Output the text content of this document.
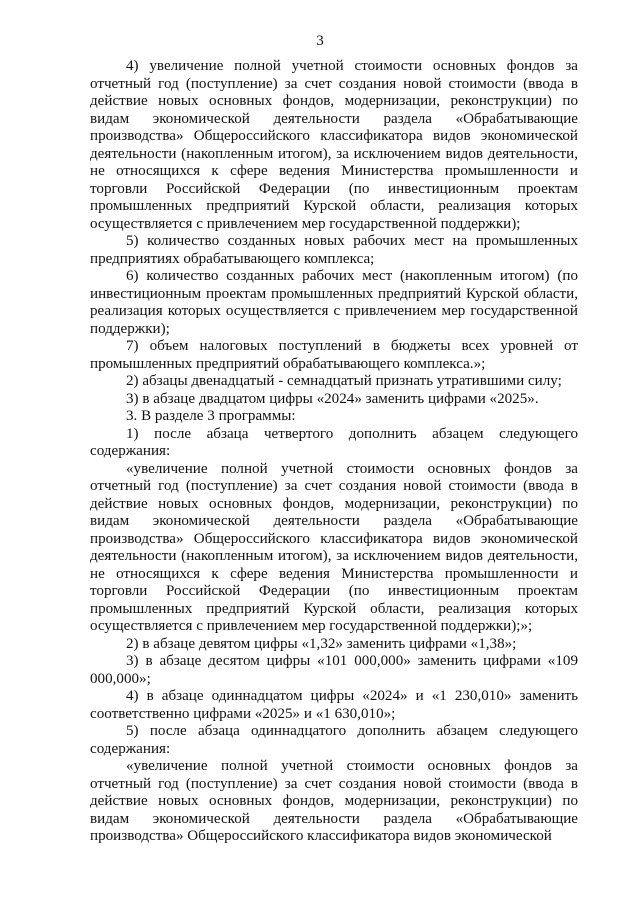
3

4) увеличение полной учетной стоимости основных фондов за отчетный год (поступление) за счет создания новой стоимости (ввода в действие новых основных фондов, модернизации, реконструкции) по видам экономической деятельности раздела «Обрабатывающие производства» Общероссийского классификатора видов экономической деятельности (накопленным итогом), за исключением видов деятельности, не относящихся к сфере ведения Министерства промышленности и торговли Российской Федерации (по инвестиционным проектам промышленных предприятий Курской области, реализация которых осуществляется с привлечением мер государственной поддержки);

5) количество созданных новых рабочих мест на промышленных предприятиях обрабатывающего комплекса;

6) количество созданных рабочих мест (накопленным итогом) (по инвестиционным проектам промышленных предприятий Курской области, реализация которых осуществляется с привлечением мер государственной поддержки);

7) объем налоговых поступлений в бюджеты всех уровней от промышленных предприятий обрабатывающего комплекса.»;

2) абзацы двенадцатый - семнадцатый признать утратившими силу;

3) в абзаце двадцатом цифры «2024» заменить цифрами «2025».

3. В разделе 3 программы:

1) после абзаца четвертого дополнить абзацем следующего содержания:

«увеличение полной учетной стоимости основных фондов за отчетный год (поступление) за счет создания новой стоимости (ввода в действие новых основных фондов, модернизации, реконструкции) по видам экономической деятельности раздела «Обрабатывающие производства» Общероссийского классификатора видов экономической деятельности (накопленным итогом), за исключением видов деятельности, не относящихся к сфере ведения Министерства промышленности и торговли Российской Федерации (по инвестиционным проектам промышленных предприятий Курской области, реализация которых осуществляется с привлечением мер государственной поддержки);»;

2) в абзаце девятом цифры «1,32» заменить цифрами «1,38»;

3) в абзаце десятом цифры «101 000,000» заменить цифрами «109 000,000»;

4) в абзаце одиннадцатом цифры «2024» и «1 230,010» заменить соответственно цифрами «2025» и «1 630,010»;

5) после абзаца одиннадцатого дополнить абзацем следующего содержания:

«увеличение полной учетной стоимости основных фондов за отчетный год (поступление) за счет создания новой стоимости (ввода в действие новых основных фондов, модернизации, реконструкции) по видам экономической деятельности раздела «Обрабатывающие производства» Общероссийского классификатора видов экономической
